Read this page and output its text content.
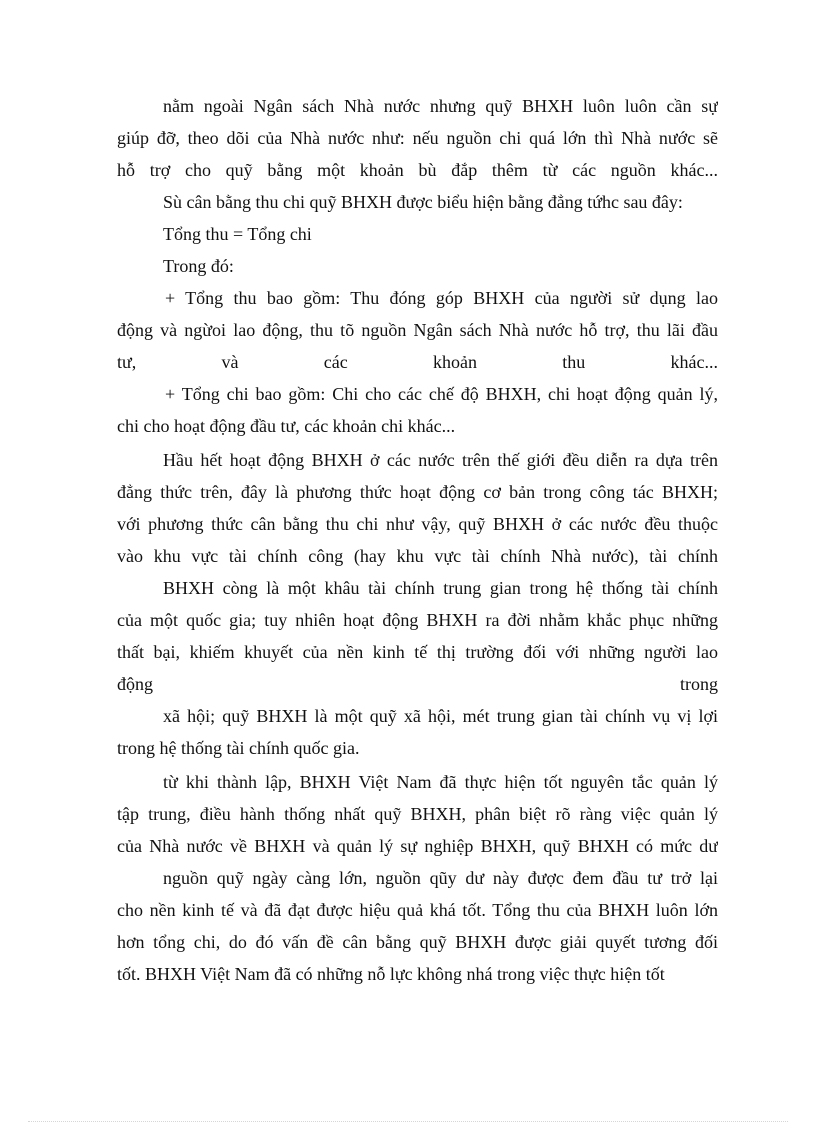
nằm ngoài Ngân sách Nhà nước nhưng quỹ BHXH luôn luôn cần sự
giúp đỡ, theo dõi của Nhà nước như: nếu nguồn chi quá lớn thì Nhà nước sẽ
hỗ trợ cho quỹ bằng một khoản bù đắp thêm từ các nguồn khác...
Sù cân bằng thu chi quỹ BHXH được biểu hiện bằng đẳng tứhc sau đây:
Tổng thu = Tổng chi
Trong đó:
+ Tổng thu bao gồm: Thu đóng góp BHXH của người sử dụng lao
động và ngừoi lao động, thu tõ nguồn Ngân sách Nhà nước hỗ trợ, thu lãi đầu
tư, và các khoản thu khác...
+ Tổng chi bao gồm: Chi cho các chế độ BHXH, chi hoạt động quản lý,
chi cho hoạt động đầu tư, các khoản chi khác...
Hầu hết hoạt động BHXH ở các nước trên thế giới đều diễn ra dựa trên
đẳng thức trên, đây là phương thức hoạt động cơ bản trong công tác BHXH;
với phương thức cân bằng thu chi như vậy, quỹ BHXH ở các nước đều thuộc
vào khu vực tài chính công (hay khu vực tài chính Nhà nước), tài chính
BHXH còng là một khâu tài chính trung gian trong hệ thống tài chính
của một quốc gia; tuy nhiên hoạt động BHXH ra đời nhằm khắc phục những
thất bại, khiếm khuyết của nền kinh tế thị trường đối với những người lao
động trong
xã hội; quỹ BHXH là một quỹ xã hội, mét trung gian tài chính vụ vị lợi
trong hệ thống tài chính quốc gia.
từ khi thành lập, BHXH Việt Nam đã thực hiện tốt nguyên tắc quản lý
tập trung, điều hành thống nhất quỹ BHXH, phân biệt rõ ràng việc quản lý
của Nhà nước về BHXH và quản lý sự nghiệp BHXH, quỹ BHXH có mức dư
nguồn quỹ ngày càng lớn, nguồn qũy dư này được đem đầu tư trở lại
cho nền kinh tế và đã đạt được hiệu quả khá tốt. Tổng thu của BHXH luôn lớn
hơn tổng chi, do đó vấn đề cân bằng quỹ BHXH được giải quyết tương đối
tốt. BHXH Việt Nam đã có những nỗ lực không nhá trong việc thực hiện tốt
